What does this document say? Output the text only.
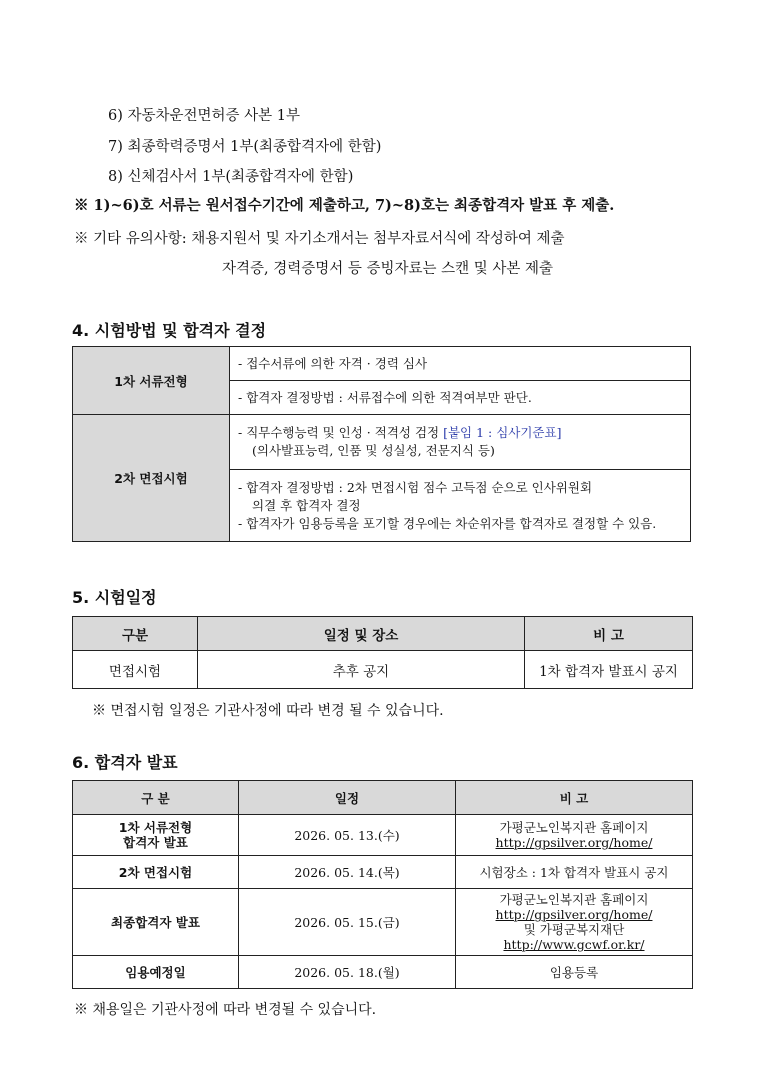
6) 자동차운전면허증 사본 1부
7) 최종학력증명서 1부(최종합격자에 한함)
8) 신체검사서 1부(최종합격자에 한함)
※ 1)~6)호 서류는 원서접수기간에 제출하고, 7)~8)호는 최종합격자 발표 후 제출.
※ 기타 유의사항: 채용지원서 및 자기소개서는 첨부자료서식에 작성하여 제출
자격증, 경력증명서 등 증빙자료는 스캔 및 사본 제출
4. 시험방법 및 합격자 결정
1차 서류전형	- 접수서류에 의한 자격 · 경력 심사
	- 합격자 결정방법 : 서류접수에 의한 적격여부만 판단.
2차 면접시험	- 직무수행능력 및 인성 · 적격성 검정 [붙임 1 : 심사기준표]
(의사발표능력, 인품 및 성실성, 전문지식 등)

	- 합격자 결정방법 : 2차 면접시험 점수 고득점 순으로 인사위원회
의결 후 합격자 결정
- 합격자가 임용등록을 포기할 경우에는 차순위자를 합격자로 결정할 수 있음.
5. 시험일정
구분	일정 및 장소	비 고
면접시험	추후 공지	1차 합격자 발표시 공지
※ 면접시험 일정은 기관사정에 따라 변경 될 수 있습니다.
6. 합격자 발표
구 분	일정	비 고

1차 서류전형
합격자 발표	2026. 05. 13.(수)	가평군노인복지관 홈페이지
http://gpsilver.org/home/

2차 면접시험	2026. 05. 14.(목)	시험장소 : 1차 합격자 발표시 공지
최종합격자 발표	2026. 05. 15.(금)	가평군노인복지관 홈페이지
http://gpsilver.org/home/
및 가평군복지재단
http://www.gcwf.or.kr/

임용예정일	2026. 05. 18.(월)	임용등록
※ 채용일은 기관사정에 따라 변경될 수 있습니다.
